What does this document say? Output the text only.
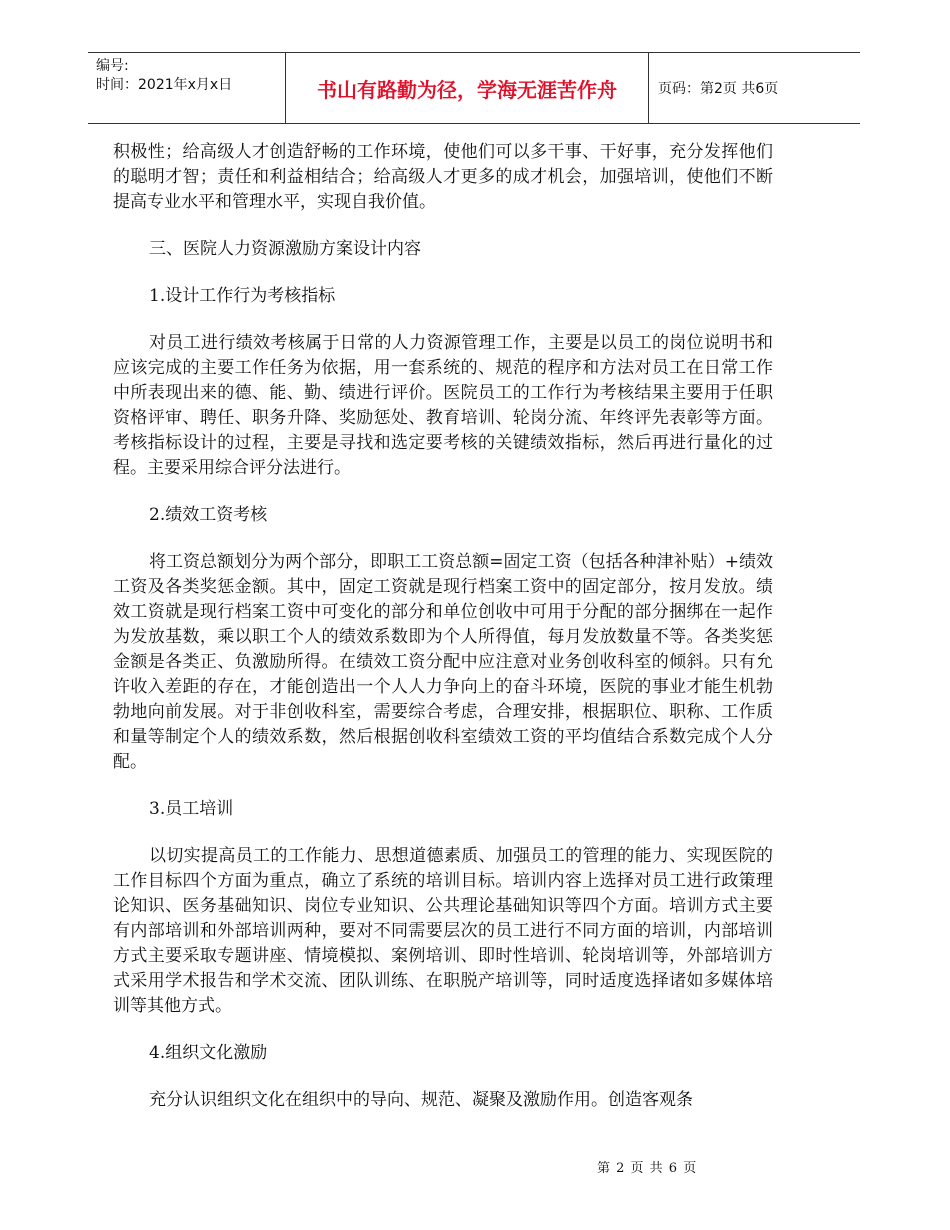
编号:
时间：2021年x月x日	书山有路勤为径，学海无涯苦作舟	页码：第2页 共6页

积极性；给高级人才创造舒畅的工作环境，使他们可以多干事、干好事，充分发挥他们的聪明才智；责任和利益相结合；给高级人才更多的成才机会，加强培训，使他们不断提高专业水平和管理水平，实现自我价值。

三、医院人力资源激励方案设计内容

1.设计工作行为考核指标

对员工进行绩效考核属于日常的人力资源管理工作，主要是以员工的岗位说明书和应该完成的主要工作任务为依据，用一套系统的、规范的程序和方法对员工在日常工作中所表现出来的德、能、勤、绩进行评价。医院员工的工作行为考核结果主要用于任职资格评审、聘任、职务升降、奖励惩处、教育培训、轮岗分流、年终评先表彰等方面。考核指标设计的过程，主要是寻找和选定要考核的关键绩效指标，然后再进行量化的过程。主要采用综合评分法进行。

2.绩效工资考核

将工资总额划分为两个部分，即职工工资总额=固定工资（包括各种津补贴）+绩效工资及各类奖惩金额。其中，固定工资就是现行档案工资中的固定部分，按月发放。绩效工资就是现行档案工资中可变化的部分和单位创收中可用于分配的部分捆绑在一起作为发放基数，乘以职工个人的绩效系数即为个人所得值，每月发放数量不等。各类奖惩金额是各类正、负激励所得。在绩效工资分配中应注意对业务创收科室的倾斜。只有允许收入差距的存在，才能创造出一个人人力争向上的奋斗环境，医院的事业才能生机勃勃地向前发展。对于非创收科室，需要综合考虑，合理安排，根据职位、职称、工作质和量等制定个人的绩效系数，然后根据创收科室绩效工资的平均值结合系数完成个人分配。

3.员工培训

以切实提高员工的工作能力、思想道德素质、加强员工的管理的能力、实现医院的工作目标四个方面为重点，确立了系统的培训目标。培训内容上选择对员工进行政策理论知识、医务基础知识、岗位专业知识、公共理论基础知识等四个方面。培训方式主要有内部培训和外部培训两种，要对不同需要层次的员工进行不同方面的培训，内部培训方式主要采取专题讲座、情境模拟、案例培训、即时性培训、轮岗培训等，外部培训方式采用学术报告和学术交流、团队训练、在职脱产培训等，同时适度选择诸如多媒体培训等其他方式。

4.组织文化激励

充分认识组织文化在组织中的导向、规范、凝聚及激励作用。创造客观条

第 2 页 共 6 页
